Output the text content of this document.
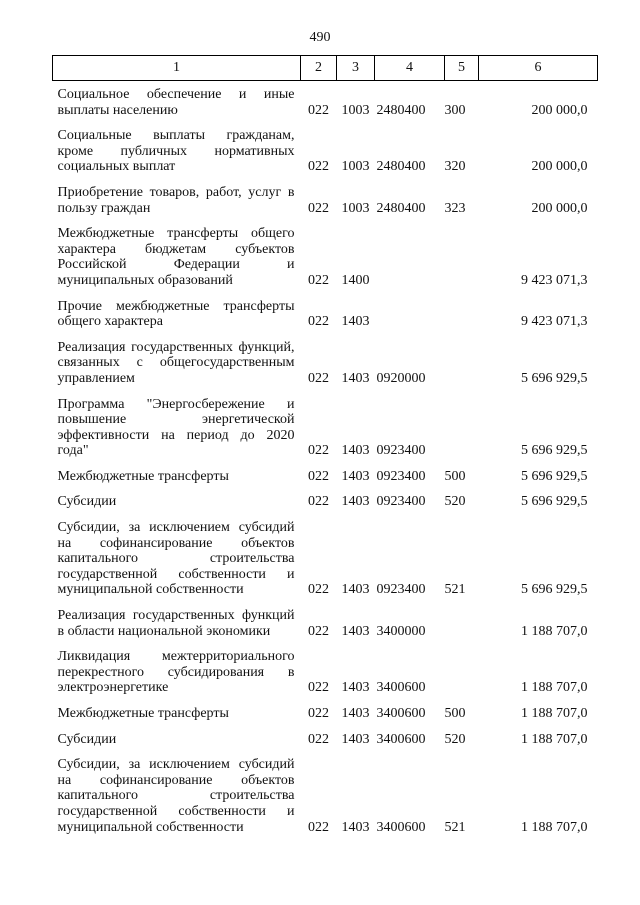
490
1	2	3	4	5	6
Социальное обеспечение и иные выплаты населению	022	1003	2480400	300	200 000,0
Социальные выплаты гражданам, кроме публичных нормативных социальных выплат	022	1003	2480400	320	200 000,0
Приобретение товаров, работ, услуг в пользу граждан	022	1003	2480400	323	200 000,0
Межбюджетные трансферты общего характера бюджетам субъектов Российской Федерации и муниципальных образований	022	1400			9 423 071,3
Прочие межбюджетные трансферты общего характера	022	1403			9 423 071,3
Реализация государственных функций, связанных с общегосударственным управлением	022	1403	0920000		5 696 929,5
Программа "Энергосбережение и повышение энергетической эффективности на период до 2020 года"	022	1403	0923400		5 696 929,5
Межбюджетные трансферты	022	1403	0923400	500	5 696 929,5
Субсидии	022	1403	0923400	520	5 696 929,5
Субсидии, за исключением субсидий на софинансирование объектов капитального строительства государственной собственности и муниципальной собственности	022	1403	0923400	521	5 696 929,5
Реализация государственных функций в области национальной экономики	022	1403	3400000		1 188 707,0
Ликвидация межтерриториального перекрестного субсидирования в электроэнергетике	022	1403	3400600		1 188 707,0
Межбюджетные трансферты	022	1403	3400600	500	1 188 707,0
Субсидии	022	1403	3400600	520	1 188 707,0
Субсидии, за исключением субсидий на софинансирование объектов капитального строительства государственной собственности и муниципальной собственности	022	1403	3400600	521	1 188 707,0
